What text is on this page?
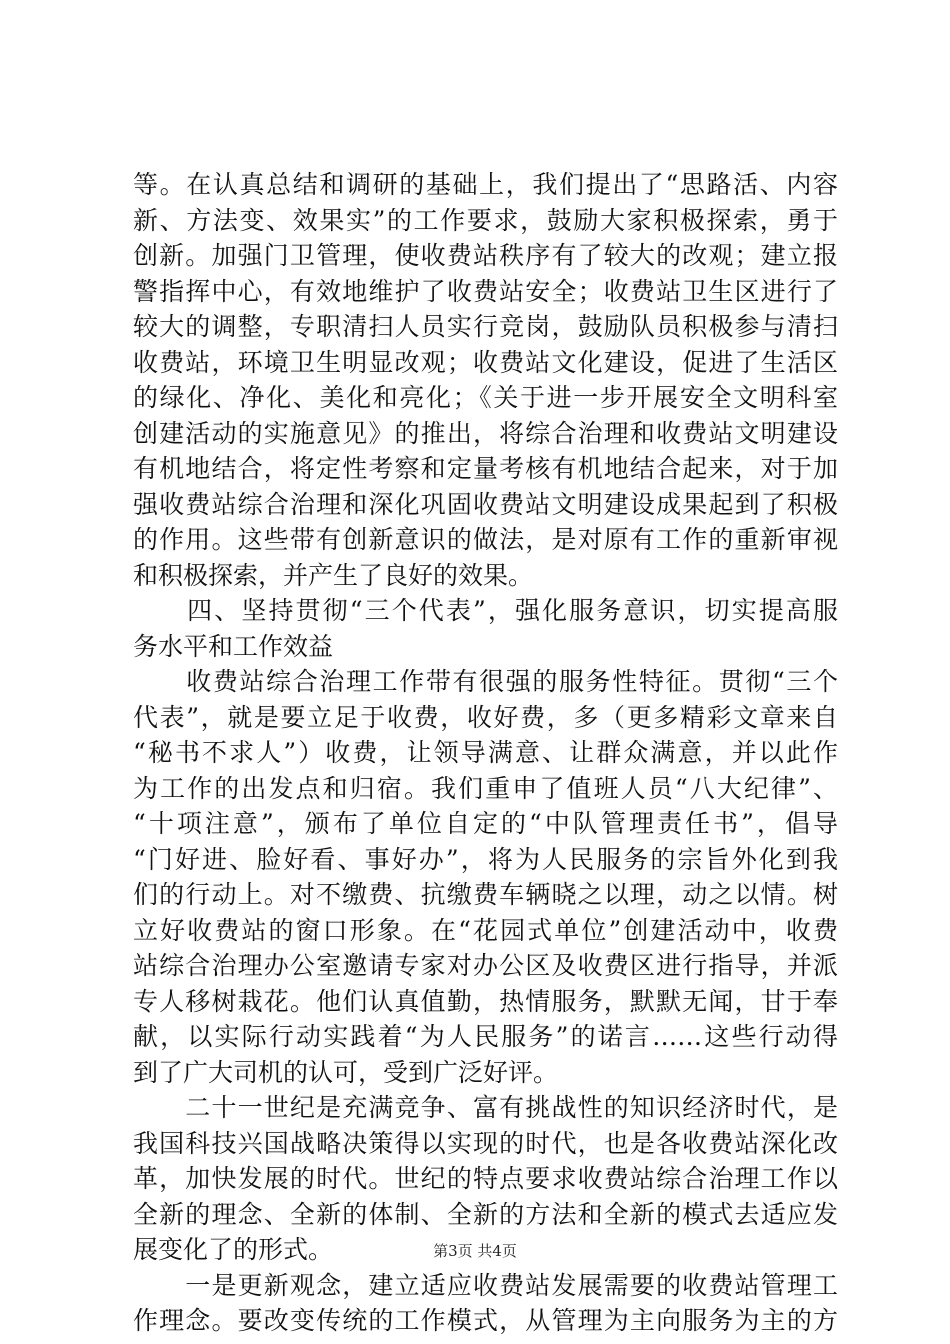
等。在认真总结和调研的基础上，我们提出了“思路活、内容
新、方法变、效果实”的工作要求，鼓励大家积极探索，勇于
创新。加强门卫管理，使收费站秩序有了较大的改观；建立报
警指挥中心，有效地维护了收费站安全；收费站卫生区进行了
较大的调整，专职清扫人员实行竞岗，鼓励队员积极参与清扫
收费站，环境卫生明显改观；收费站文化建设，促进了生活区
的绿化、净化、美化和亮化；《关于进一步开展安全文明科室
创建活动的实施意见》的推出，将综合治理和收费站文明建设
有机地结合，将定性考察和定量考核有机地结合起来，对于加
强收费站综合治理和深化巩固收费站文明建设成果起到了积极
的作用。这些带有创新意识的做法，是对原有工作的重新审视
和积极探索，并产生了良好的效果。
　　四、坚持贯彻“三个代表”，强化服务意识，切实提高服
务水平和工作效益
　　收费站综合治理工作带有很强的服务性特征。贯彻“三个
代表”，就是要立足于收费，收好费，多（更多精彩文章来自
“秘书不求人”）收费，让领导满意、让群众满意，并以此作
为工作的出发点和归宿。我们重申了值班人员“八大纪律”、
“十项注意”，颁布了单位自定的“中队管理责任书”，倡导
“门好进、脸好看、事好办”，将为人民服务的宗旨外化到我
们的行动上。对不缴费、抗缴费车辆晓之以理，动之以情。树
立好收费站的窗口形象。在“花园式单位”创建活动中，收费
站综合治理办公室邀请专家对办公区及收费区进行指导，并派
专人移树栽花。他们认真值勤，热情服务，默默无闻，甘于奉
献，以实际行动实践着“为人民服务”的诺言……这些行动得
到了广大司机的认可，受到广泛好评。
　　二十一世纪是充满竞争、富有挑战性的知识经济时代，是
我国科技兴国战略决策得以实现的时代，也是各收费站深化改
革，加快发展的时代。世纪的特点要求收费站综合治理工作以
全新的理念、全新的体制、全新的方法和全新的模式去适应发
展变化了的形式。
　　一是更新观念，建立适应收费站发展需要的收费站管理工
作理念。要改变传统的工作模式，从管理为主向服务为主的方
第3页 共4页
